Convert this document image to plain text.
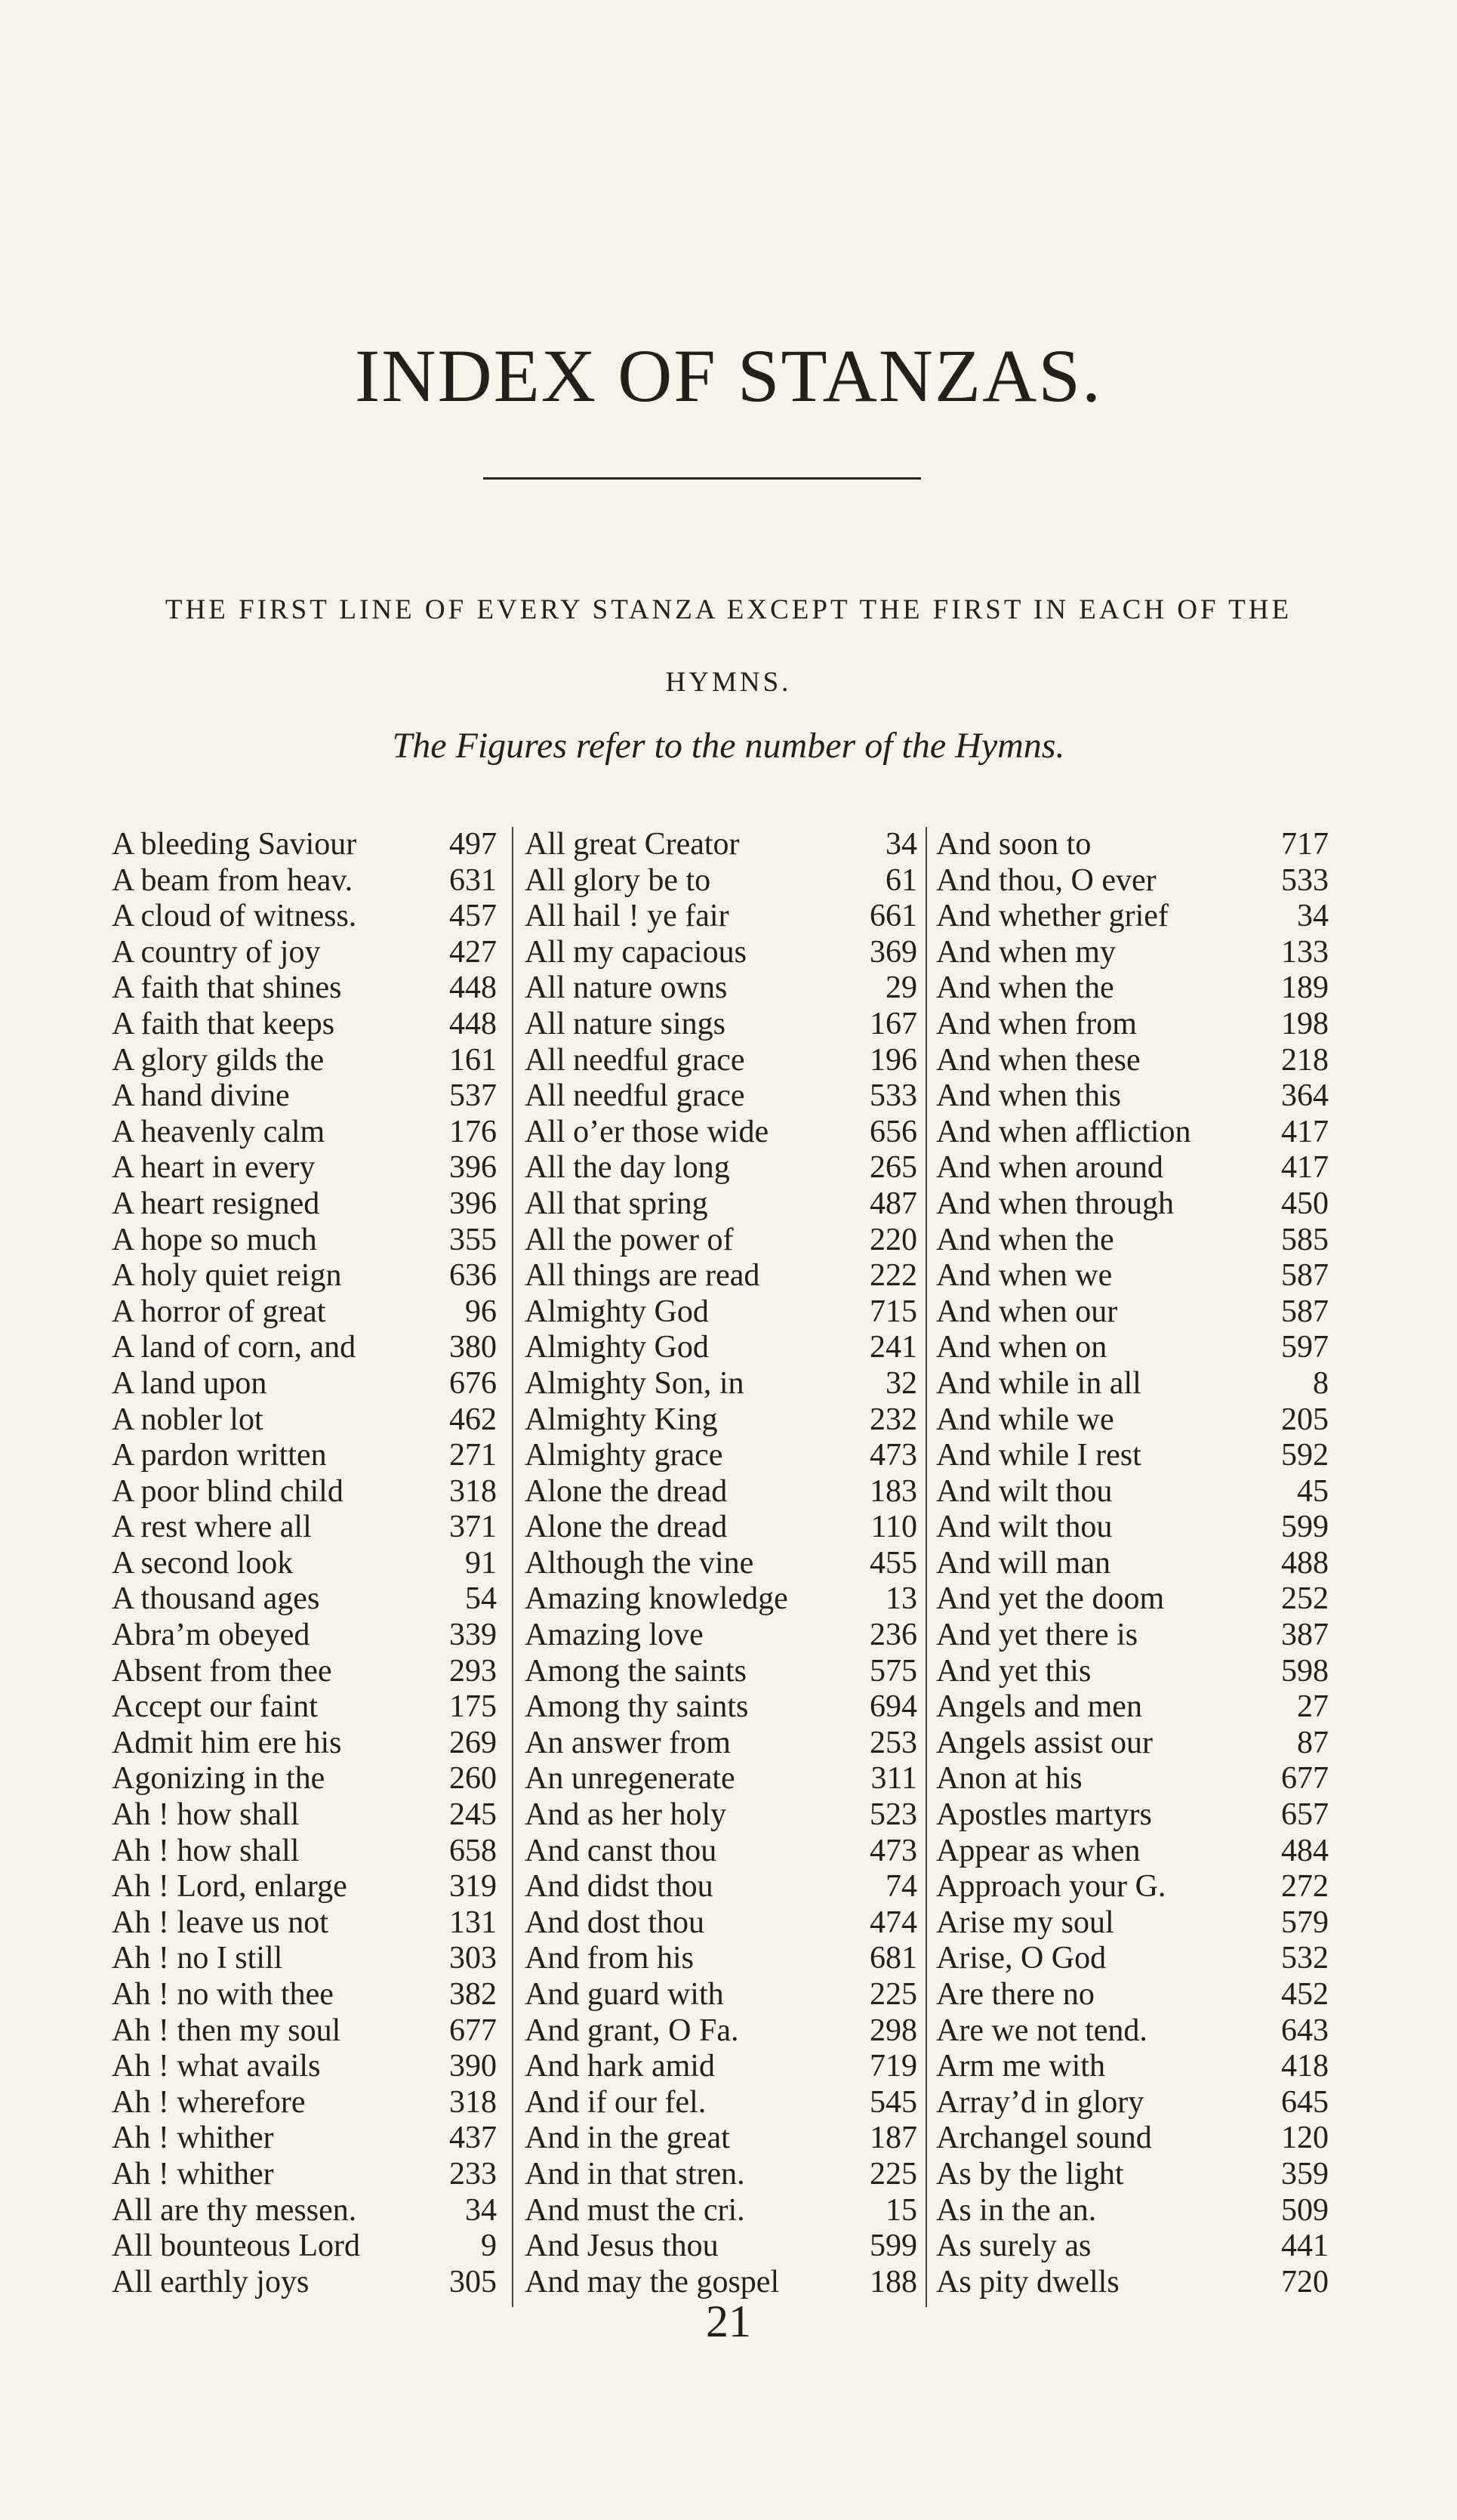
INDEX OF STANZAS.

THE FIRST LINE OF EVERY STANZA EXCEPT THE FIRST IN EACH OF THE HYMNS.

The Figures refer to the number of the Hymns.

A bleeding Saviour	497
A beam from heav.	631
A cloud of witness.	457
A country of joy	427
A faith that shines	448
A faith that keeps	448
A glory gilds the	161
A hand divine	537
A heavenly calm	176
A heart in every	396
A heart resigned	396
A hope so much	355
A holy quiet reign	636
A horror of great	96
A land of corn, and	380
A land upon	676
A nobler lot	462
A pardon written	271
A poor blind child	318
A rest where all	371
A second look	91
A thousand ages	54
Abra’m obeyed	339
Absent from thee	293
Accept our faint	175
Admit him ere his	269
Agonizing in the	260
Ah ! how shall	245
Ah ! how shall	658
Ah ! Lord, enlarge	319
Ah ! leave us not	131
Ah ! no I still	303
Ah ! no with thee	382
Ah ! then my soul	677
Ah ! what avails	390
Ah ! wherefore	318
Ah ! whither	437
Ah ! whither	233
All are thy messen.	34
All bounteous Lord	9
All earthly joys	305
All great Creator	34
All glory be to	61
All hail ! ye fair	661
All my capacious	369
All nature owns	29
All nature sings	167
All needful grace	196
All needful grace	533
All o’er those wide	656
All the day long	265
All that spring	487
All the power of	220
All things are read	222
Almighty God	715
Almighty God	241
Almighty Son, in	32
Almighty King	232
Almighty grace	473
Alone the dread	183
Alone the dread	110
Although the vine	455
Amazing knowledge	13
Amazing love	236
Among the saints	575
Among thy saints	694
An answer from	253
An unregenerate	311
And as her holy	523
And canst thou	473
And didst thou	74
And dost thou	474
And from his	681
And guard with	225
And grant, O Fa.	298
And hark amid	719
And if our fel.	545
And in the great	187
And in that stren.	225
And must the cri.	15
And Jesus thou	599
And may the gospel	188
And soon to	717
And thou, O ever	533
And whether grief	34
And when my	133
And when the	189
And when from	198
And when these	218
And when this	364
And when affliction	417
And when around	417
And when through	450
And when the	585
And when we	587
And when our	587
And when on	597
And while in all	8
And while we	205
And while I rest	592
And wilt thou	45
And wilt thou	599
And will man	488
And yet the doom	252
And yet there is	387
And yet this	598
Angels and men	27
Angels assist our	87
Anon at his	677
Apostles martyrs	657
Appear as when	484
Approach your G.	272
Arise my soul	579
Arise, O God	532
Are there no	452
Are we not tend.	643
Arm me with	418
Array’d in glory	645
Archangel sound	120
As by the light	359
As in the an.	509
As surely as	441
As pity dwells	720

21
